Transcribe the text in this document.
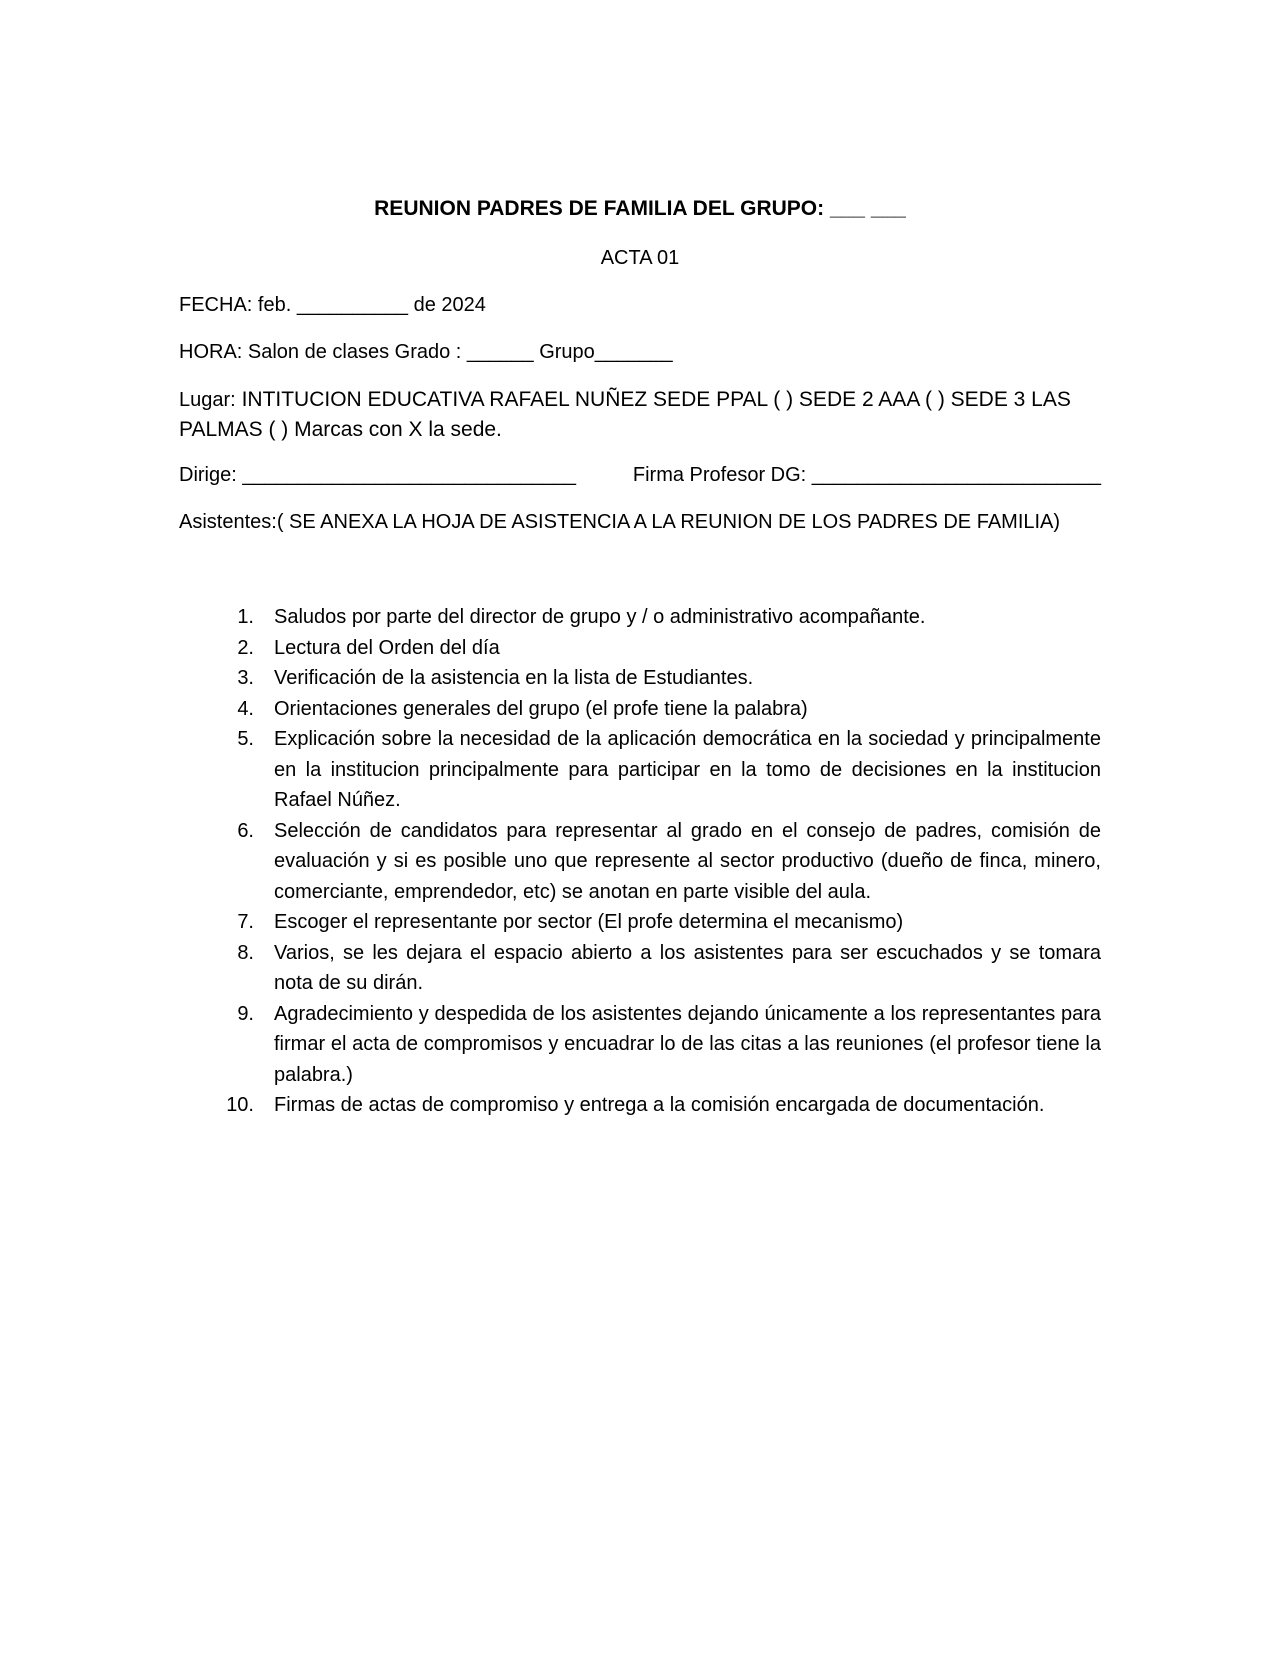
REUNION PADRES DE FAMILIA DEL GRUPO: ___ ___
ACTA 01
FECHA: feb. __________ de 2024
HORA: Salon de clases Grado : ______ Grupo_______
Lugar: INTITUCION EDUCATIVA RAFAEL NUÑEZ SEDE PPAL ( ) SEDE 2 AAA ( ) SEDE 3 LAS PALMAS ( ) Marcas con X la sede.
Dirige: ______________________________	Firma Profesor DG: __________________________
Asistentes:( SE ANEXA LA HOJA DE ASISTENCIA A LA REUNION DE LOS PADRES DE FAMILIA)
1.	Saludos por parte del director de grupo y / o administrativo acompañante.
2.	Lectura del Orden del día
3.	Verificación de la asistencia en la lista de Estudiantes.
4.	Orientaciones generales del grupo (el profe tiene la palabra)
5.	Explicación sobre la necesidad de la aplicación democrática en la sociedad y principalmente en la institucion principalmente para participar en la tomo de decisiones en la institucion Rafael Núñez.
6.	Selección de candidatos para representar al grado en el consejo de padres, comisión de evaluación y si es posible uno que represente al sector productivo (dueño de finca, minero, comerciante, emprendedor, etc) se anotan en parte visible del aula.
7.	Escoger el representante por sector (El profe determina el mecanismo)
8.	Varios, se les dejara el espacio abierto a los asistentes para ser escuchados y se tomara nota de su dirán.
9.	Agradecimiento y despedida de los asistentes dejando únicamente a los representantes para firmar el acta de compromisos y encuadrar lo de las citas a las reuniones (el profesor tiene la palabra.)
10.	Firmas de actas de compromiso y entrega a la comisión encargada de documentación.
